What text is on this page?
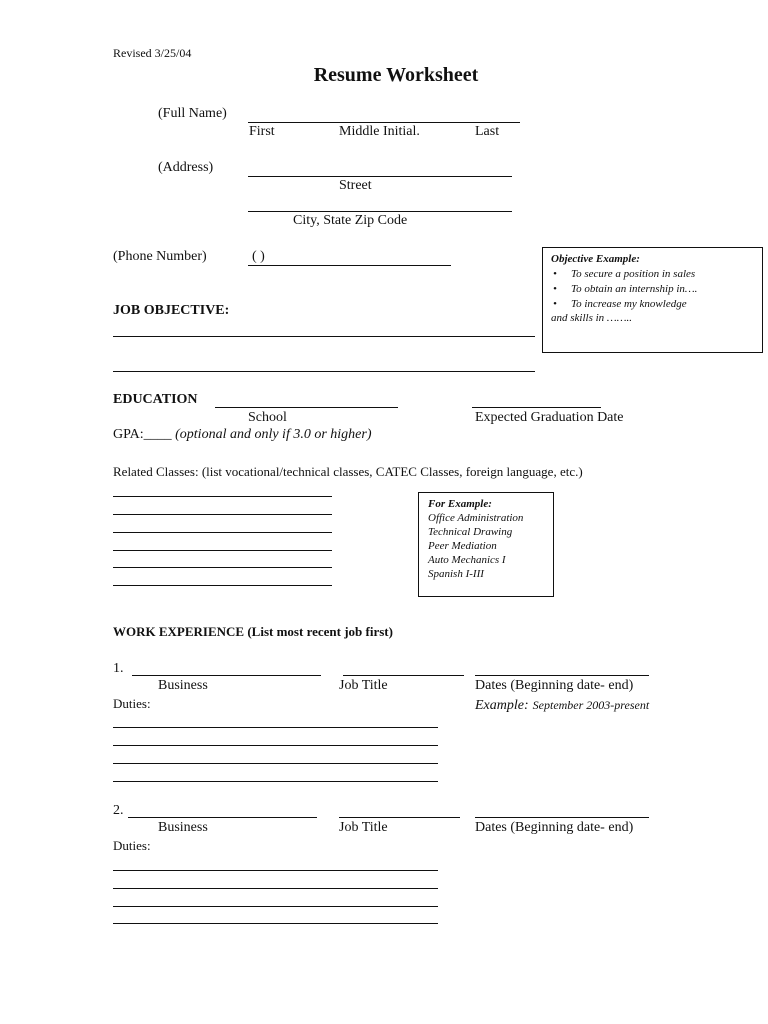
Revised 3/25/04
Resume Worksheet
(Full Name)
First	Middle Initial.	Last
(Address)
Street
City, State Zip Code
(Phone Number)	( )	Objective Example:
• To secure a position in sales
• To obtain an internship in….
• To increase my knowledge
and skills in ……..
JOB OBJECTIVE:
EDUCATION
School	Expected Graduation Date
GPA:____ (optional and only if 3.0 or higher)
Related Classes: (list vocational/technical classes, CATEC Classes, foreign language, etc.)
For Example:
Office Administration
Technical Drawing
Peer Mediation
Auto Mechanics I
Spanish I-III
WORK EXPERIENCE (List most recent job first)
1.
Business	Job Title	Dates (Beginning date- end)
Duties:	Example: September 2003-present
2.
Business	Job Title	Dates (Beginning date- end)
Duties:
